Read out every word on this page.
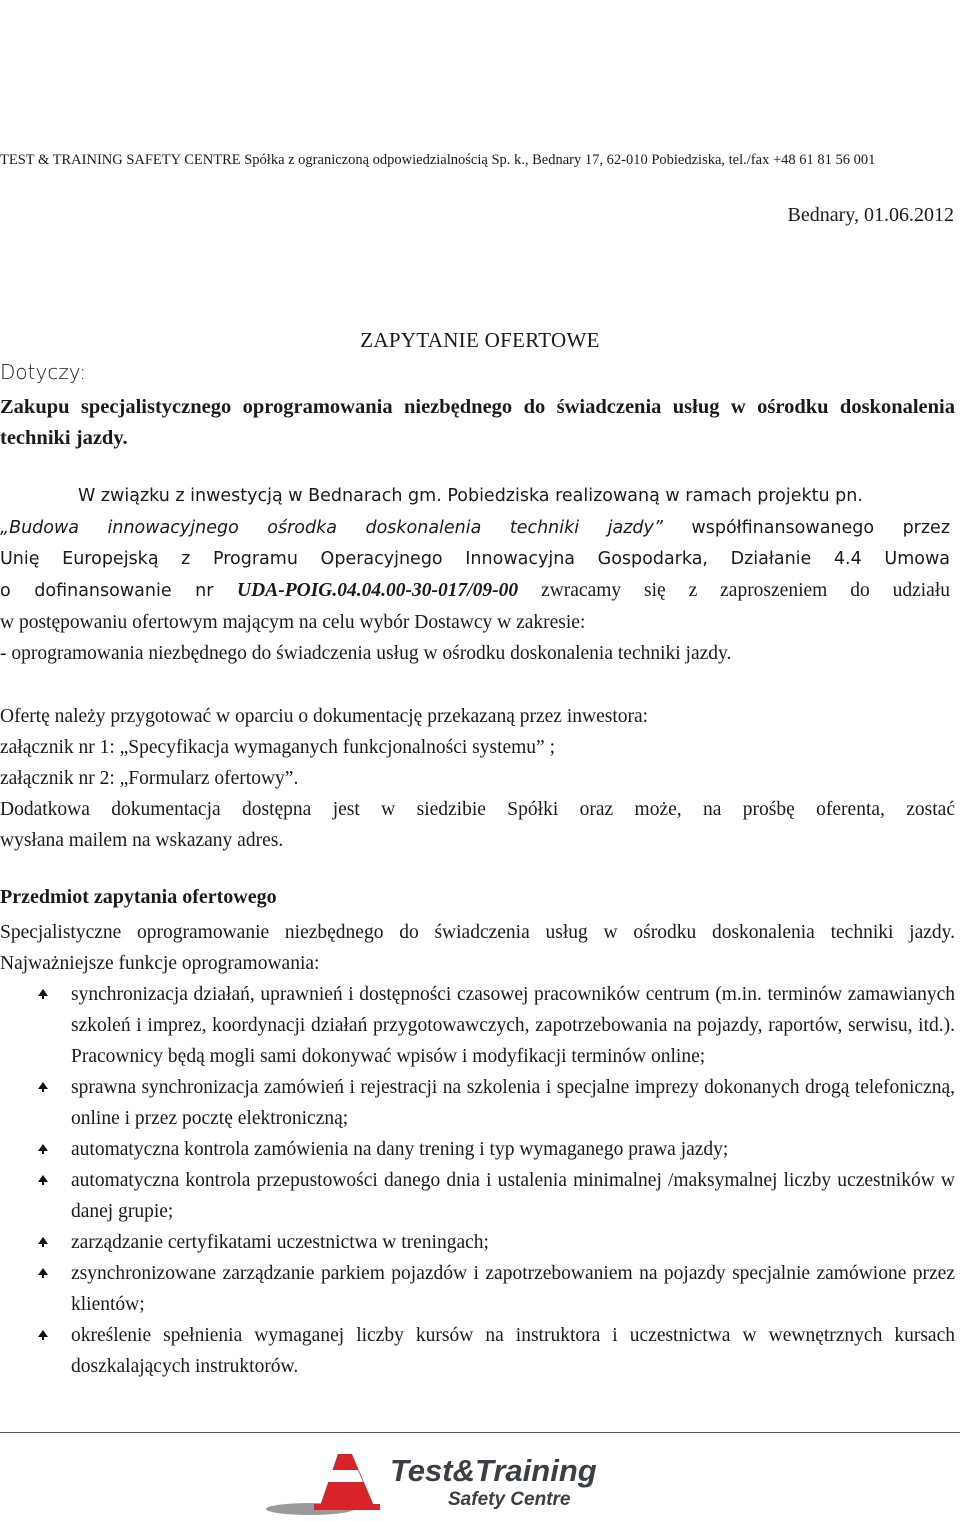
TEST & TRAINING SAFETY CENTRE Spółka z ograniczoną odpowiedzialnością Sp. k., Bednary 17, 62-010 Pobiedziska, tel./fax +48 61 81 56 001
Bednary, 01.06.2012
ZAPYTANIE OFERTOWE
Dotyczy:
Zakupu specjalistycznego oprogramowania niezbędnego do świadczenia usług w ośrodku doskonalenia techniki jazdy.
W związku z inwestycją w Bednarach gm. Pobiedziska realizowaną w ramach projektu pn.
„Budowa innowacyjnego ośrodka doskonalenia techniki jazdy” współfinansowanego przez
Unię Europejską z Programu Operacyjnego Innowacyjna Gospodarka, Działanie 4.4 Umowa
o dofinansowanie nr UDA-POIG.04.04.00-30-017/09-00 zwracamy się z zaproszeniem do udziału
w postępowaniu ofertowym mającym na celu wybór Dostawcy w zakresie:
- oprogramowania niezbędnego do świadczenia usług w ośrodku doskonalenia techniki jazdy.
Ofertę należy przygotować w oparciu o dokumentację przekazaną przez inwestora:
załącznik nr 1: „Specyfikacja wymaganych funkcjonalności systemu” ;
załącznik nr 2: „Formularz ofertowy”.
Dodatkowa dokumentacja dostępna jest w siedzibie Spółki oraz może, na prośbę oferenta, zostać
wysłana mailem na wskazany adres.
Przedmiot zapytania ofertowego
Specjalistyczne oprogramowanie niezbędnego do świadczenia usług w ośrodku doskonalenia techniki jazdy. Najważniejsze funkcje oprogramowania:
synchronizacja działań, uprawnień i dostępności czasowej pracowników centrum (m.in. terminów zamawianych szkoleń i imprez, koordynacji działań przygotowawczych, zapotrzebowania na pojazdy, raportów, serwisu, itd.). Pracownicy będą mogli sami dokonywać wpisów i modyfikacji terminów online;
sprawna synchronizacja zamówień i rejestracji na szkolenia i specjalne imprezy dokonanych drogą telefoniczną, online i przez pocztę elektroniczną;
automatyczna kontrola zamówienia na dany trening i typ wymaganego prawa jazdy;
automatyczna kontrola przepustowości danego dnia i ustalenia minimalnej /maksymalnej liczby uczestników w danej grupie;
zarządzanie certyfikatami uczestnictwa w treningach;
zsynchronizowane zarządzanie parkiem pojazdów i zapotrzebowaniem na pojazdy specjalnie zamówione przez klientów;
określenie spełnienia wymaganej liczby kursów na instruktora i uczestnictwa w wewnętrznych kursach doszkalających instruktorów.
Test&Training
Safety Centre
